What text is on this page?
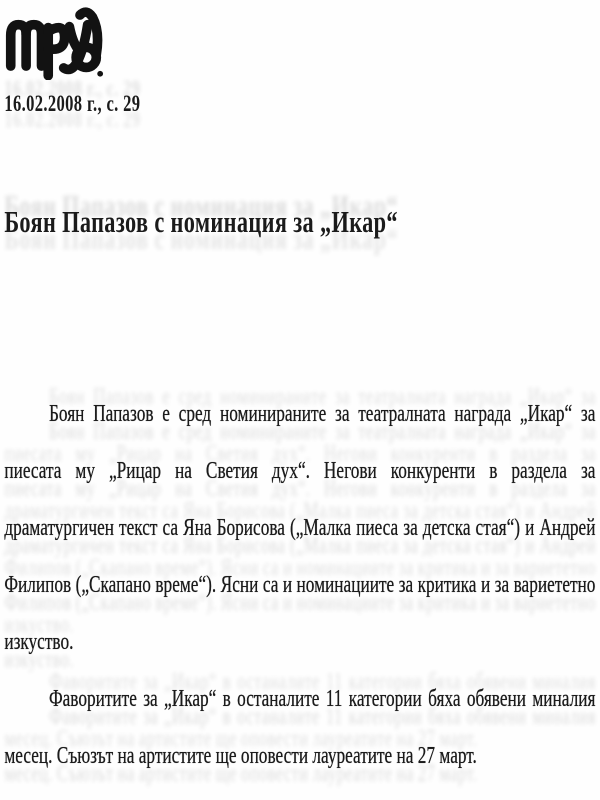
16.02.2008 г., с. 29
Боян Папазов с номинация за „Икар“

Боян Папазов е сред номинираните за театралната награда „Икар“ за пиесата му „Рицар на Светия дух“. Негови конкуренти в раздела за драматургичен текст са Яна Борисова („Малка пиеса за детска стая“) и Андрей Филипов („Скапано време“). Ясни са и номинациите за критика и за вариететно изкуство.

Фаворитите за „Икар“ в останалите 11 категории бяха обявени миналия месец. Съюзът на артистите ще оповести лауреатите на 27 март.
